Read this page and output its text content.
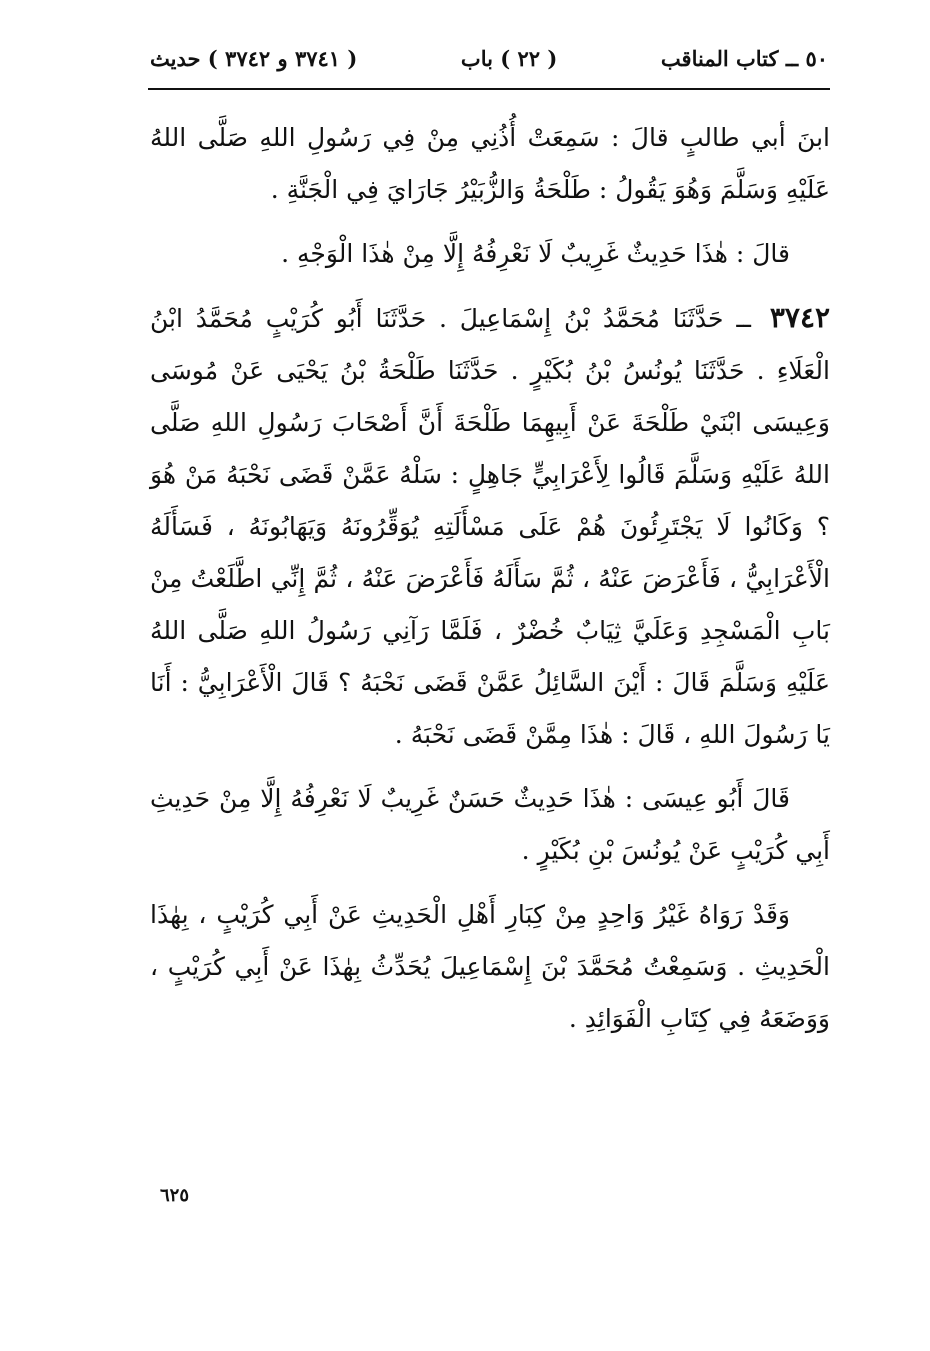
٥٠ ــ كتاب المناقب
( ٢٢ ) باب
( ٣٧٤١ و ٣٧٤٢ ) حديث

ابنَ أبي طالبٍ قالَ : سَمِعَتْ أُذُنِي مِنْ فِي رَسُولِ اللهِ صَلَّى اللهُ عَلَيْهِ وَسَلَّمَ وَهُوَ يَقُولُ : طَلْحَةُ وَالزُّبَيْرُ جَارَايَ فِي الْجَنَّةِ .

قالَ : هٰذَا حَدِيثٌ غَرِيبٌ لَا نَعْرِفُهُ إِلَّا مِنْ هٰذَا الْوَجْهِ .

٣٧٤٢ ــ حَدَّثَنَا مُحَمَّدُ بْنُ إِسْمَاعِيلَ . حَدَّثَنَا أَبُو كُرَيْبٍ مُحَمَّدُ ابْنُ الْعَلَاءِ . حَدَّثَنَا يُونُسُ بْنُ بُكَيْرٍ . حَدَّثَنَا طَلْحَةُ بْنُ يَحْيَى عَنْ مُوسَى وَعِيسَى ابْنَيْ طَلْحَةَ عَنْ أَبِيهِمَا طَلْحَةَ أَنَّ أَصْحَابَ رَسُولِ اللهِ صَلَّى اللهُ عَلَيْهِ وَسَلَّمَ قَالُوا لِأَعْرَابِيٍّ جَاهِلٍ : سَلْهُ عَمَّنْ قَضَى نَحْبَهُ مَنْ هُوَ ؟ وَكَانُوا لَا يَجْتَرِئُونَ هُمْ عَلَى مَسْأَلَتِهِ يُوَقِّرُونَهُ وَيَهَابُونَهُ ، فَسَأَلَهُ الْأَعْرَابِيُّ ، فَأَعْرَضَ عَنْهُ ، ثُمَّ سَأَلَهُ فَأَعْرَضَ عَنْهُ ، ثُمَّ إِنِّي اطَّلَعْتُ مِنْ بَابِ الْمَسْجِدِ وَعَلَيَّ ثِيَابٌ خُضْرٌ ، فَلَمَّا رَآنِي رَسُولُ اللهِ صَلَّى اللهُ عَلَيْهِ وَسَلَّمَ قَالَ : أَيْنَ السَّائِلُ عَمَّنْ قَضَى نَحْبَهُ ؟ قَالَ الْأَعْرَابِيُّ : أَنَا يَا رَسُولَ اللهِ ، قَالَ : هٰذَا مِمَّنْ قَضَى نَحْبَهُ .

قَالَ أَبُو عِيسَى : هٰذَا حَدِيثٌ حَسَنٌ غَرِيبٌ لَا نَعْرِفُهُ إِلَّا مِنْ حَدِيثِ أَبِي كُرَيْبٍ عَنْ يُونُسَ بْنِ بُكَيْرٍ .

وَقَدْ رَوَاهُ غَيْرُ وَاحِدٍ مِنْ كِبَارِ أَهْلِ الْحَدِيثِ عَنْ أَبِي كُرَيْبٍ ، بِهٰذَا الْحَدِيثِ . وَسَمِعْتُ مُحَمَّدَ بْنَ إِسْمَاعِيلَ يُحَدِّثُ بِهٰذَا عَنْ أَبِي كُرَيْبٍ ، وَوَضَعَهُ فِي كِتَابِ الْفَوَائِدِ .

٦٢٥
